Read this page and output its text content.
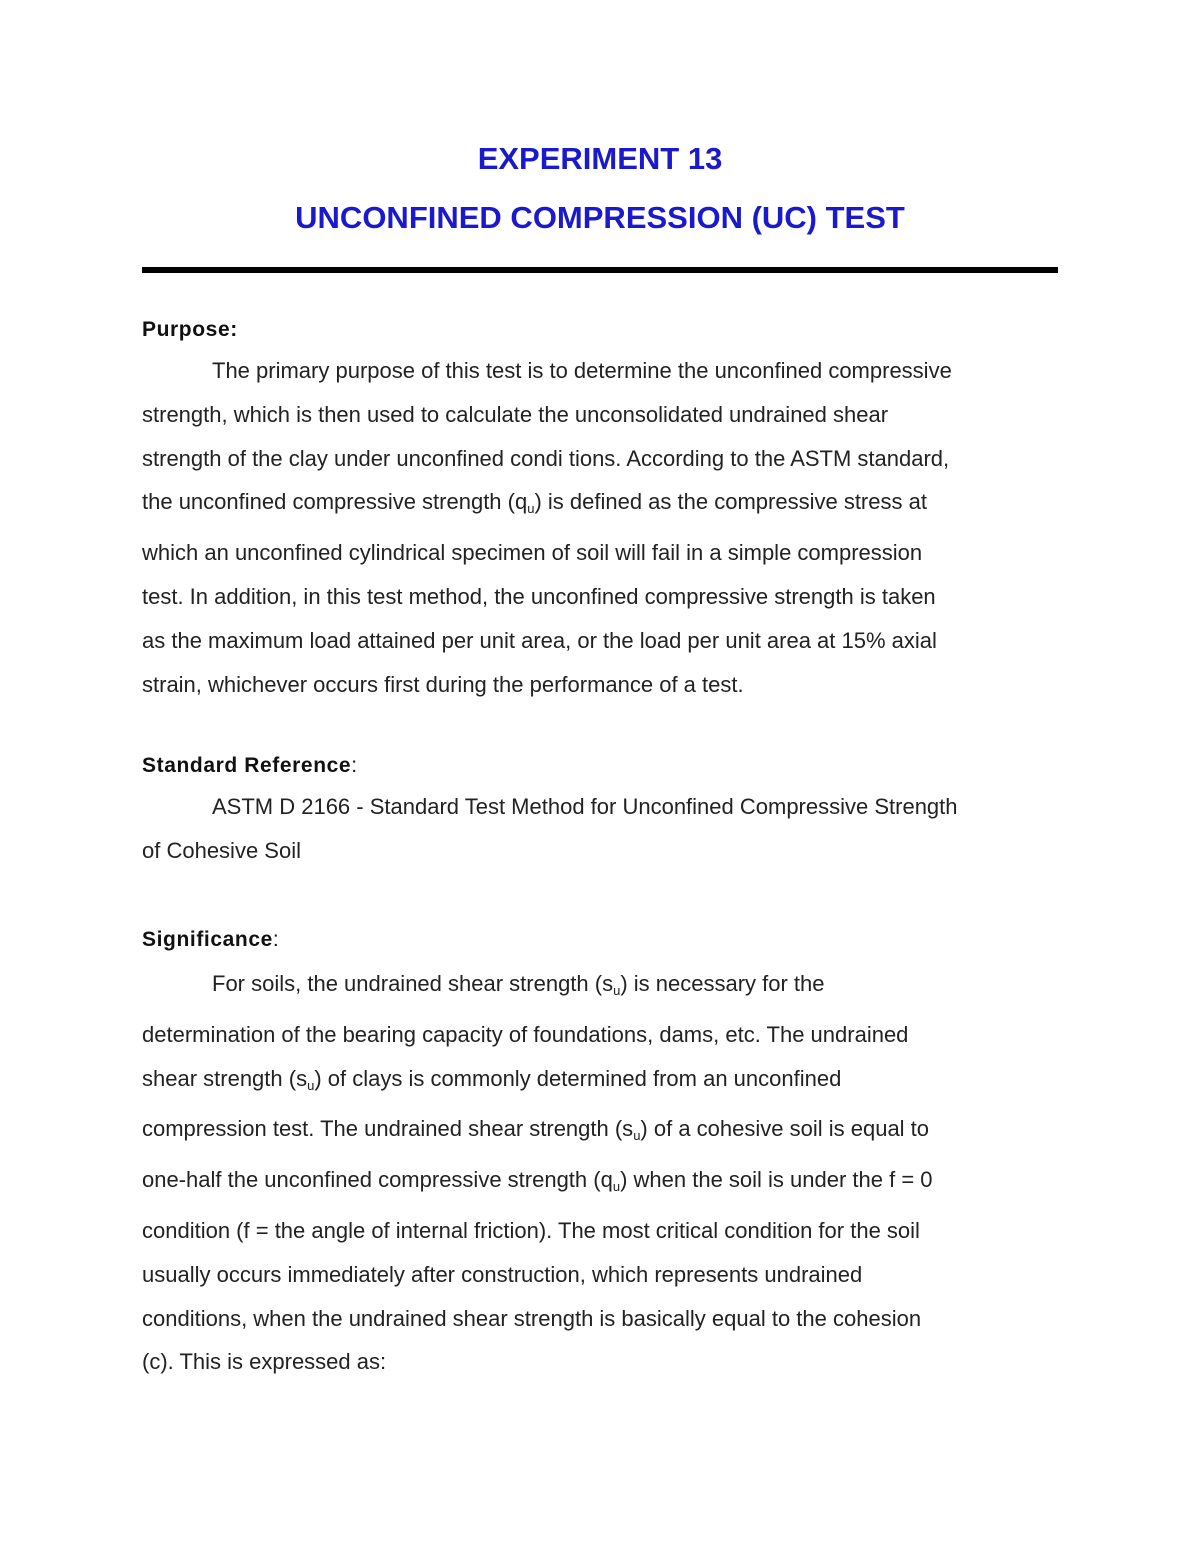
EXPERIMENT 13
UNCONFINED COMPRESSION (UC) TEST
Purpose:
The primary purpose of this test is to determine the unconfined compressive
strength, which is then used to calculate the unconsolidated undrained shear
strength of the clay under unconfined condi tions. According to the ASTM standard,
the unconfined compressive strength $(q_u)$ is defined as the compressive stress at
which an unconfined cylindrical specimen of soil will fail in a simple compression
test. In addition, in this test method, the unconfined compressive strength is taken
as the maximum load attained per unit area, or the load per unit area at 15% axial
strain, whichever occurs first during the performance of a test.
Standard Reference:
ASTM D 2166 - Standard Test Method for Unconfined Compressive Strength
of Cohesive Soil
Significance:
For soils, the undrained shear strength $(s_u)$ is necessary for the
determination of the bearing capacity of foundations, dams, etc. The undrained
shear strength $(s_u)$ of clays is commonly determined from an unconfined
compression test. The undrained shear strength $(s_u)$ of a cohesive soil is equal to
one-half the unconfined compressive strength $(q_u)$ when the soil is under the f = 0
condition (f = the angle of internal friction). The most critical condition for the soil
usually occurs immediately after construction, which represents undrained
conditions, when the undrained shear strength is basically equal to the cohesion
(c). This is expressed as:
